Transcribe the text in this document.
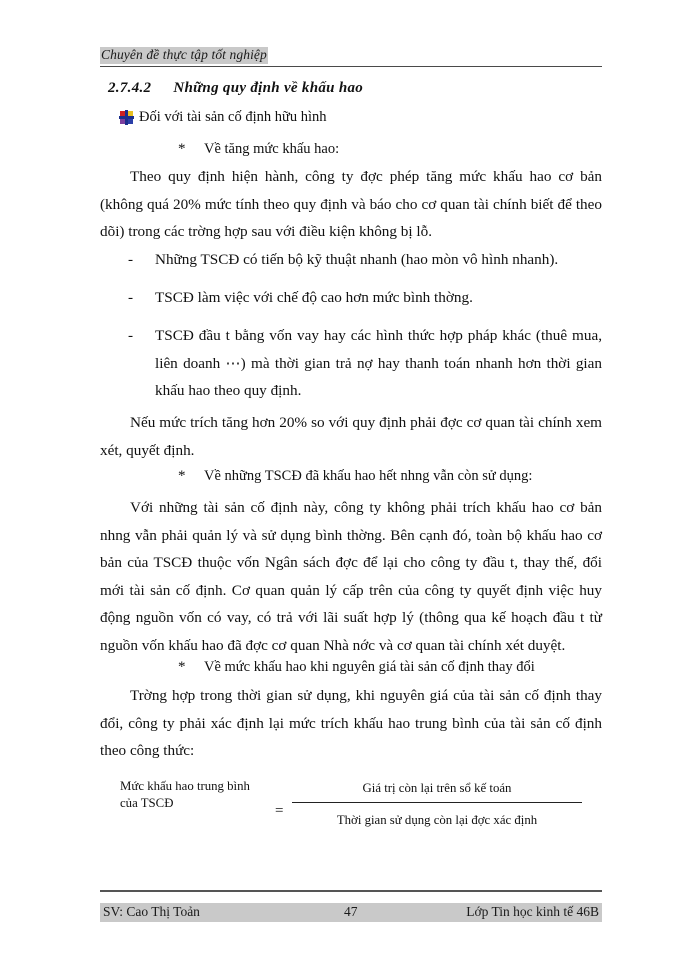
Chuyên đề thực tập tốt nghiệp
2.7.4.2 Những quy định về khấu hao
Đối với tài sản cố định hữu hình
* Về tăng mức khấu hao:
Theo quy định hiện hành, công ty đợc phép tăng mức khấu hao cơ bản (không quá 20% mức tính theo quy định và báo cho cơ quan tài chính biết để theo dõi) trong các trờng hợp sau với điều kiện không bị lỗ.
- Những TSCĐ có tiến bộ kỹ thuật nhanh (hao mòn vô hình nhanh).
- TSCĐ làm việc với chế độ cao hơn mức bình thờng.
- TSCĐ đầu t bằng vốn vay hay các hình thức hợp pháp khác (thuê mua, liên doanh ⋯) mà thời gian trả nợ hay thanh toán nhanh hơn thời gian khấu hao theo quy định.
Nếu mức trích tăng hơn 20% so với quy định phải đợc cơ quan tài chính xem xét, quyết định.
* Về những TSCĐ đã khấu hao hết nhng vẫn còn sử dụng:
Với những tài sản cố định này, công ty không phải trích khấu hao cơ bản nhng vẫn phải quản lý và sử dụng bình thờng. Bên cạnh đó, toàn bộ khấu hao cơ bản của TSCĐ thuộc vốn Ngân sách đợc để lại cho công ty đầu t, thay thế, đổi mới tài sản cố định. Cơ quan quản lý cấp trên của công ty quyết định việc huy động nguồn vốn có vay, có trả với lãi suất hợp lý (thông qua kế hoạch đầu t từ nguồn vốn khấu hao đã đợc cơ quan Nhà nớc và cơ quan tài chính xét duyệt.
* Về mức khấu hao khi nguyên giá tài sản cố định thay đổi
Trờng hợp trong thời gian sử dụng, khi nguyên giá của tài sản cố định thay đổi, công ty phải xác định lại mức trích khấu hao trung bình của tài sản cố định theo công thức:
Mức khấu hao trung bình của TSCĐ
=
Giá trị còn lại trên sổ kế toán
Thời gian sử dụng còn lại đợc xác định
SV: Cao Thị Toản	47	Lớp Tin học kinh tế 46B
